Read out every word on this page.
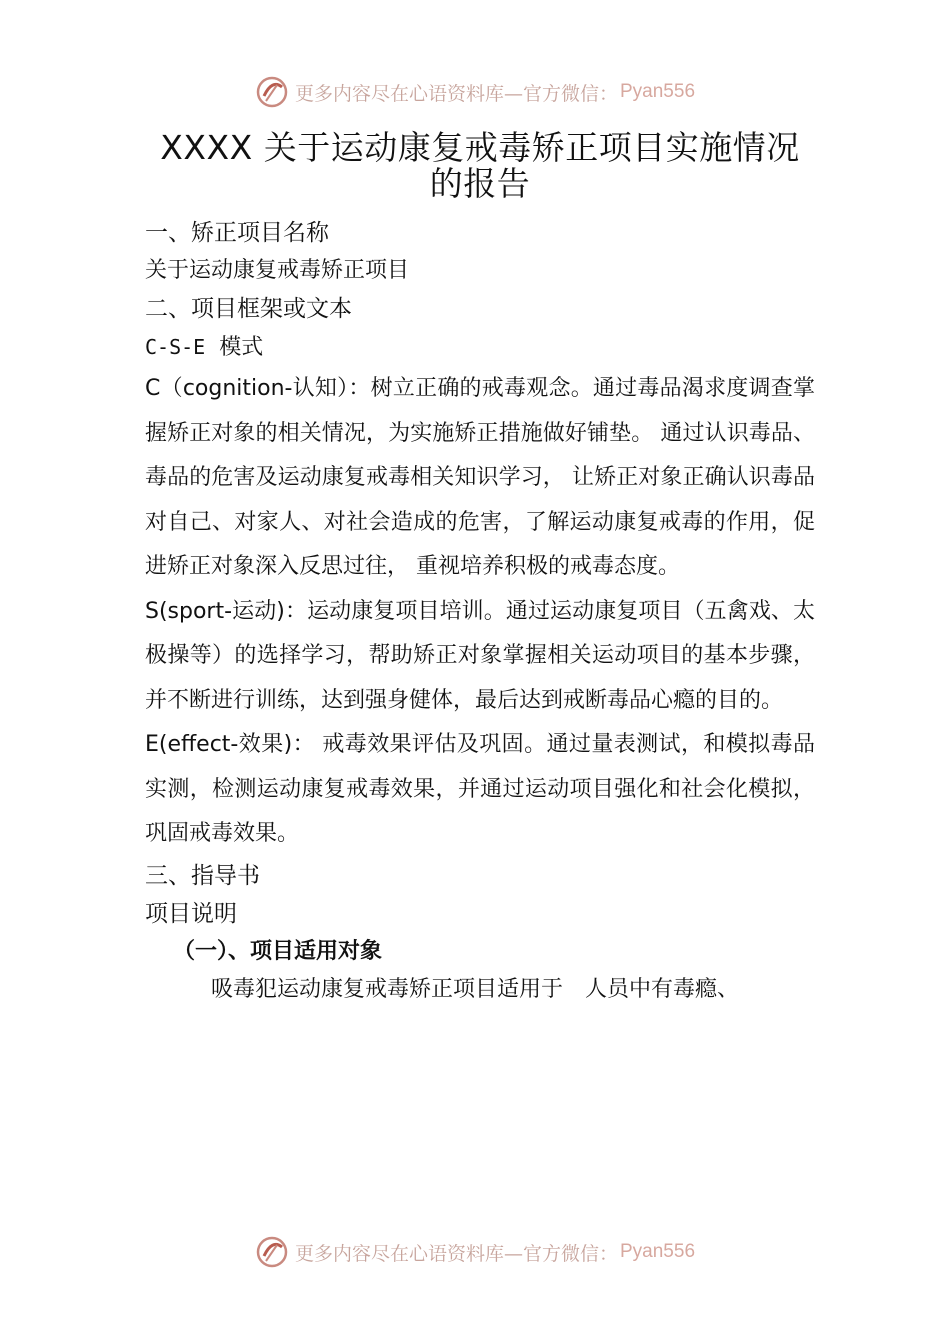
更多内容尽在心语资料库—官方微信： Pyan556
XXXX 关于运动康复戒毒矫正项目实施情况
的报告

一、矫正项目名称

关于运动康复戒毒矫正项目

二、项目框架或文本

C-S-E 模式

C（cognition-认知）：树立正确的戒毒观念。通过毒品渴求度调查掌握矫正对象的相关情况，为实施矫正措施做好铺垫。 通过认识毒品、毒品的危害及运动康复戒毒相关知识学习， 让矫正对象正确认识毒品对自己、对家人、对社会造成的危害，了解运动康复戒毒的作用，促进矫正对象深入反思过往， 重视培养积极的戒毒态度。

S(sport-运动)：运动康复项目培训。通过运动康复项目（五禽戏、太极操等）的选择学习，帮助矫正对象掌握相关运动项目的基本步骤，并不断进行训练，达到强身健体，最后达到戒断毒品心瘾的目的。

E(effect-效果)： 戒毒效果评估及巩固。通过量表测试，和模拟毒品实测，检测运动康复戒毒效果，并通过运动项目强化和社会化模拟，巩固戒毒效果。

三、指导书

项目说明

（一）、项目适用对象

吸毒犯运动康复戒毒矫正项目适用于　人员中有毒瘾、

更多内容尽在心语资料库—官方微信： Pyan556
